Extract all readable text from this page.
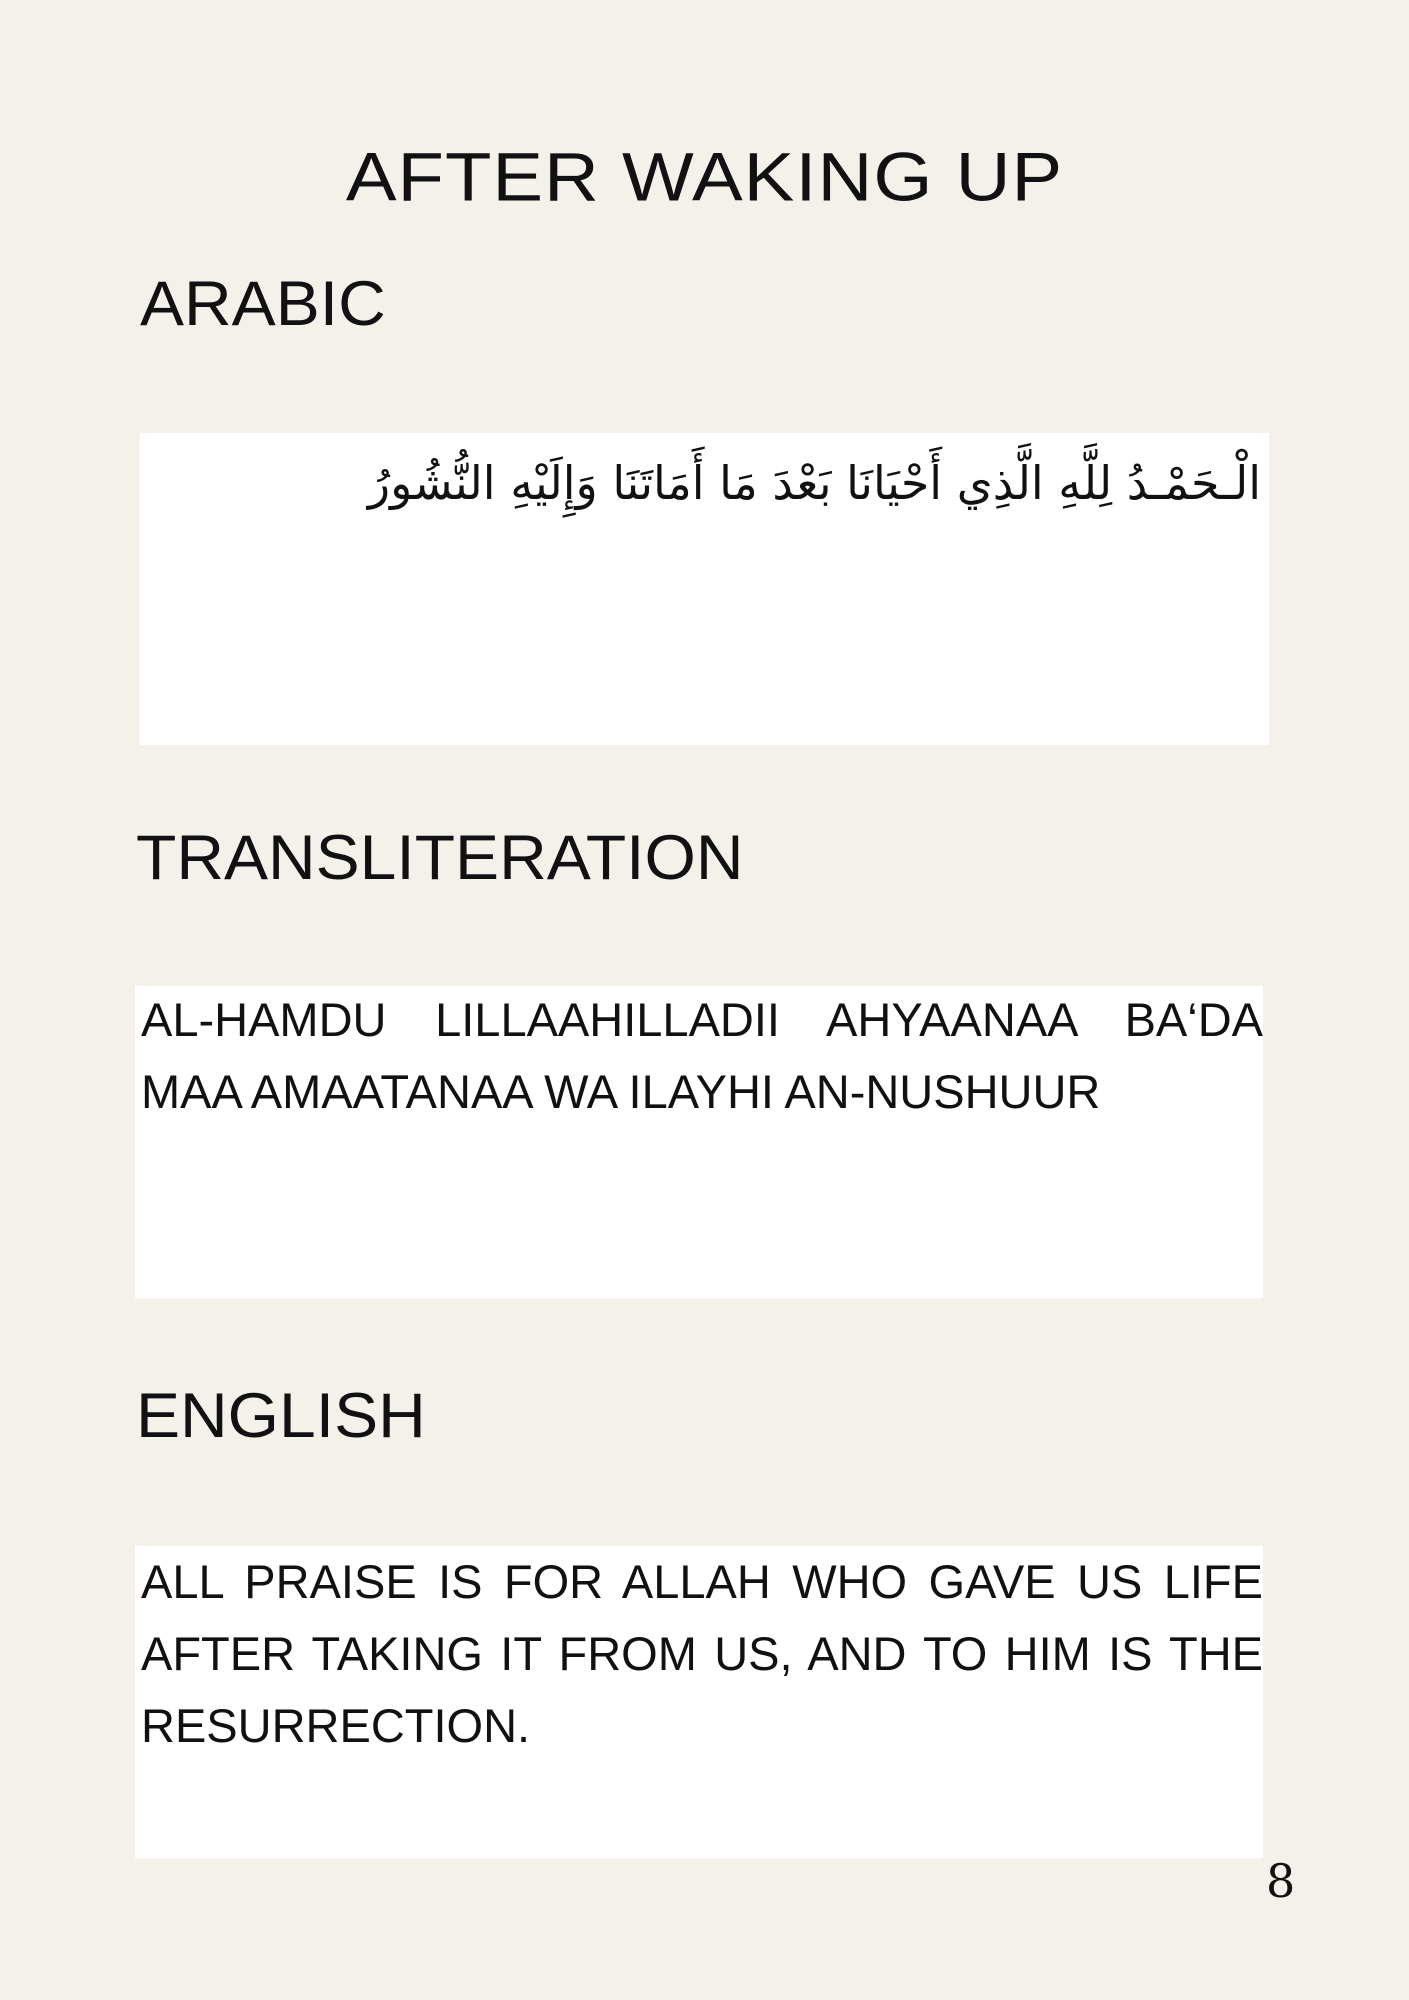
AFTER WAKING UP
ARABIC
الْـحَمْـدُ لِلَّهِ الَّذِي أَحْيَانَا بَعْدَ مَا أَمَاتَنَا وَإِلَيْهِ النُّشُورُ
TRANSLITERATION
AL-HAMDU LILLAAHILLADII AHYAANAA BA‘DA MAA AMAATANAA WA ILAYHI AN-NUSHUUR
ENGLISH
ALL PRAISE IS FOR ALLAH WHO GAVE US LIFE AFTER TAKING IT FROM US, AND TO HIM IS THE RESURRECTION.
8
